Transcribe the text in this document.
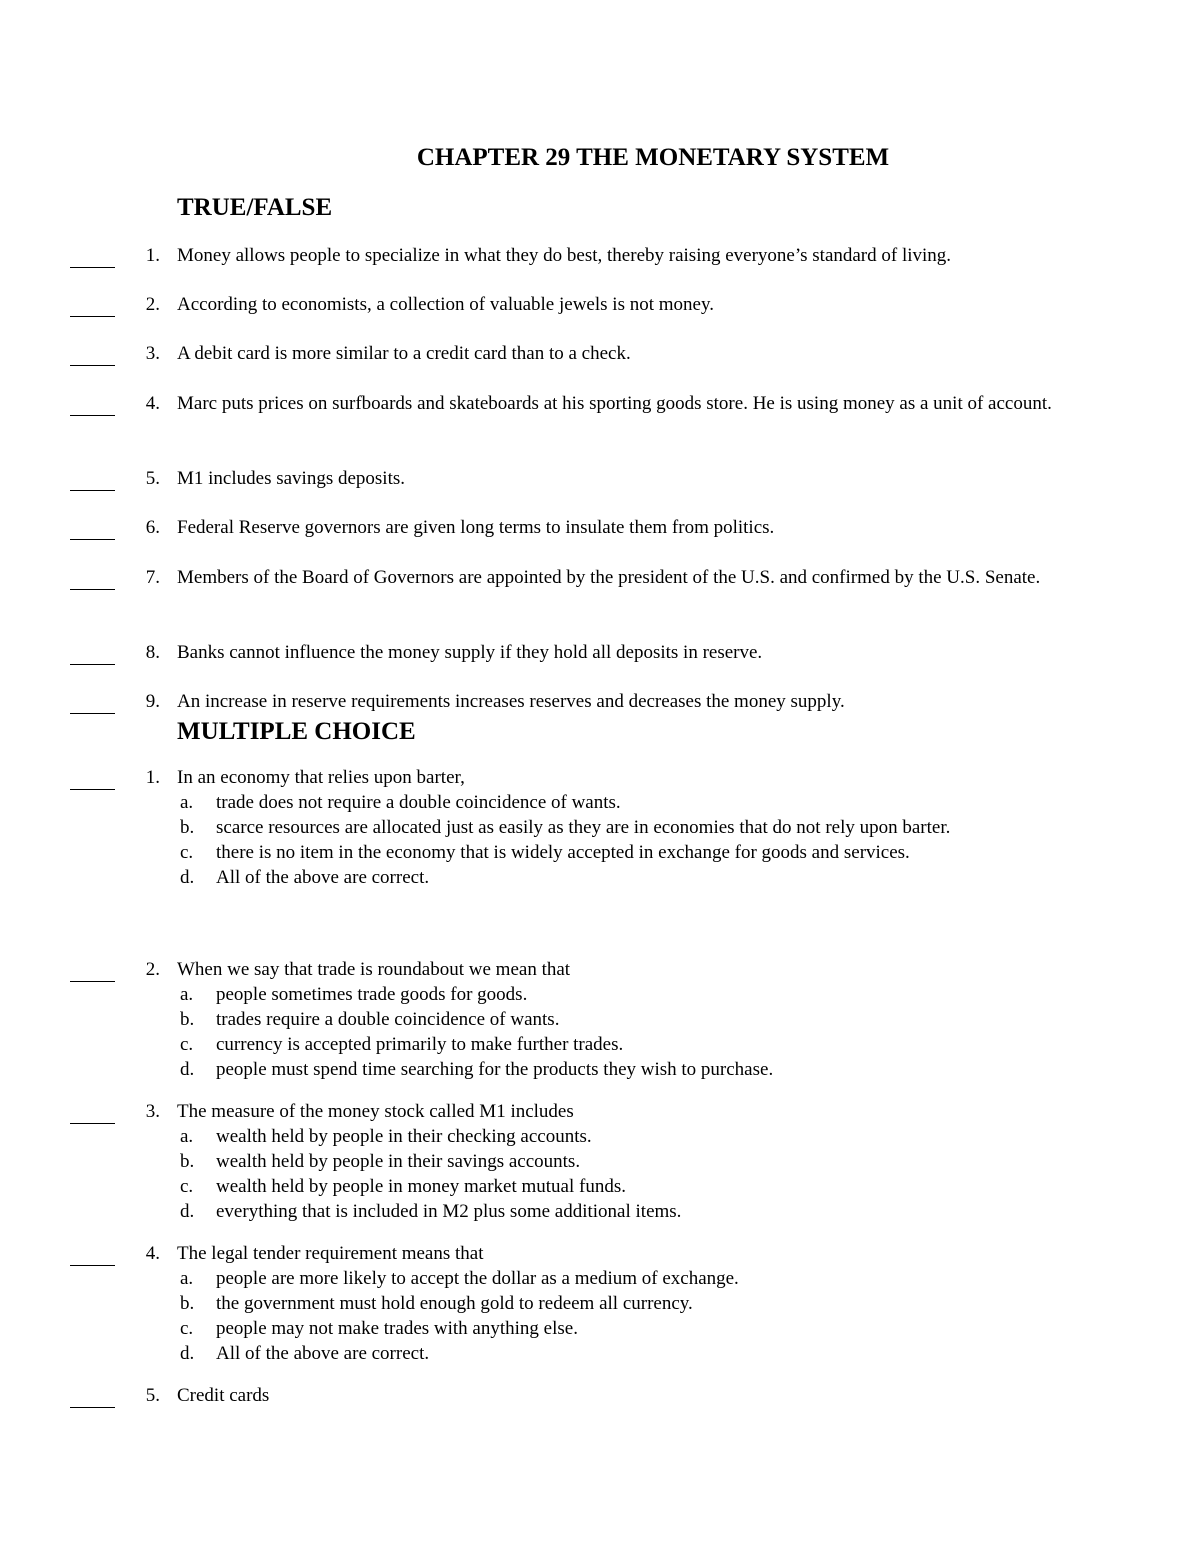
CHAPTER 29 THE MONETARY SYSTEM
TRUE/FALSE
1. Money allows people to specialize in what they do best, thereby raising everyone’s standard of living.
2. According to economists, a collection of valuable jewels is not money.
3. A debit card is more similar to a credit card than to a check.
4. Marc puts prices on surfboards and skateboards at his sporting goods store. He is using money as a unit of account.
5. M1 includes savings deposits.
6. Federal Reserve governors are given long terms to insulate them from politics.
7. Members of the Board of Governors are appointed by the president of the U.S. and confirmed by the U.S. Senate.
8. Banks cannot influence the money supply if they hold all deposits in reserve.
9. An increase in reserve requirements increases reserves and decreases the money supply.
MULTIPLE CHOICE
1. In an economy that relies upon barter,
a. trade does not require a double coincidence of wants.
b. scarce resources are allocated just as easily as they are in economies that do not rely upon barter.
c. there is no item in the economy that is widely accepted in exchange for goods and services.
d. All of the above are correct.
2. When we say that trade is roundabout we mean that
a. people sometimes trade goods for goods.
b. trades require a double coincidence of wants.
c. currency is accepted primarily to make further trades.
d. people must spend time searching for the products they wish to purchase.
3. The measure of the money stock called M1 includes
a. wealth held by people in their checking accounts.
b. wealth held by people in their savings accounts.
c. wealth held by people in money market mutual funds.
d. everything that is included in M2 plus some additional items.
4. The legal tender requirement means that
a. people are more likely to accept the dollar as a medium of exchange.
b. the government must hold enough gold to redeem all currency.
c. people may not make trades with anything else.
d. All of the above are correct.
5. Credit cards
